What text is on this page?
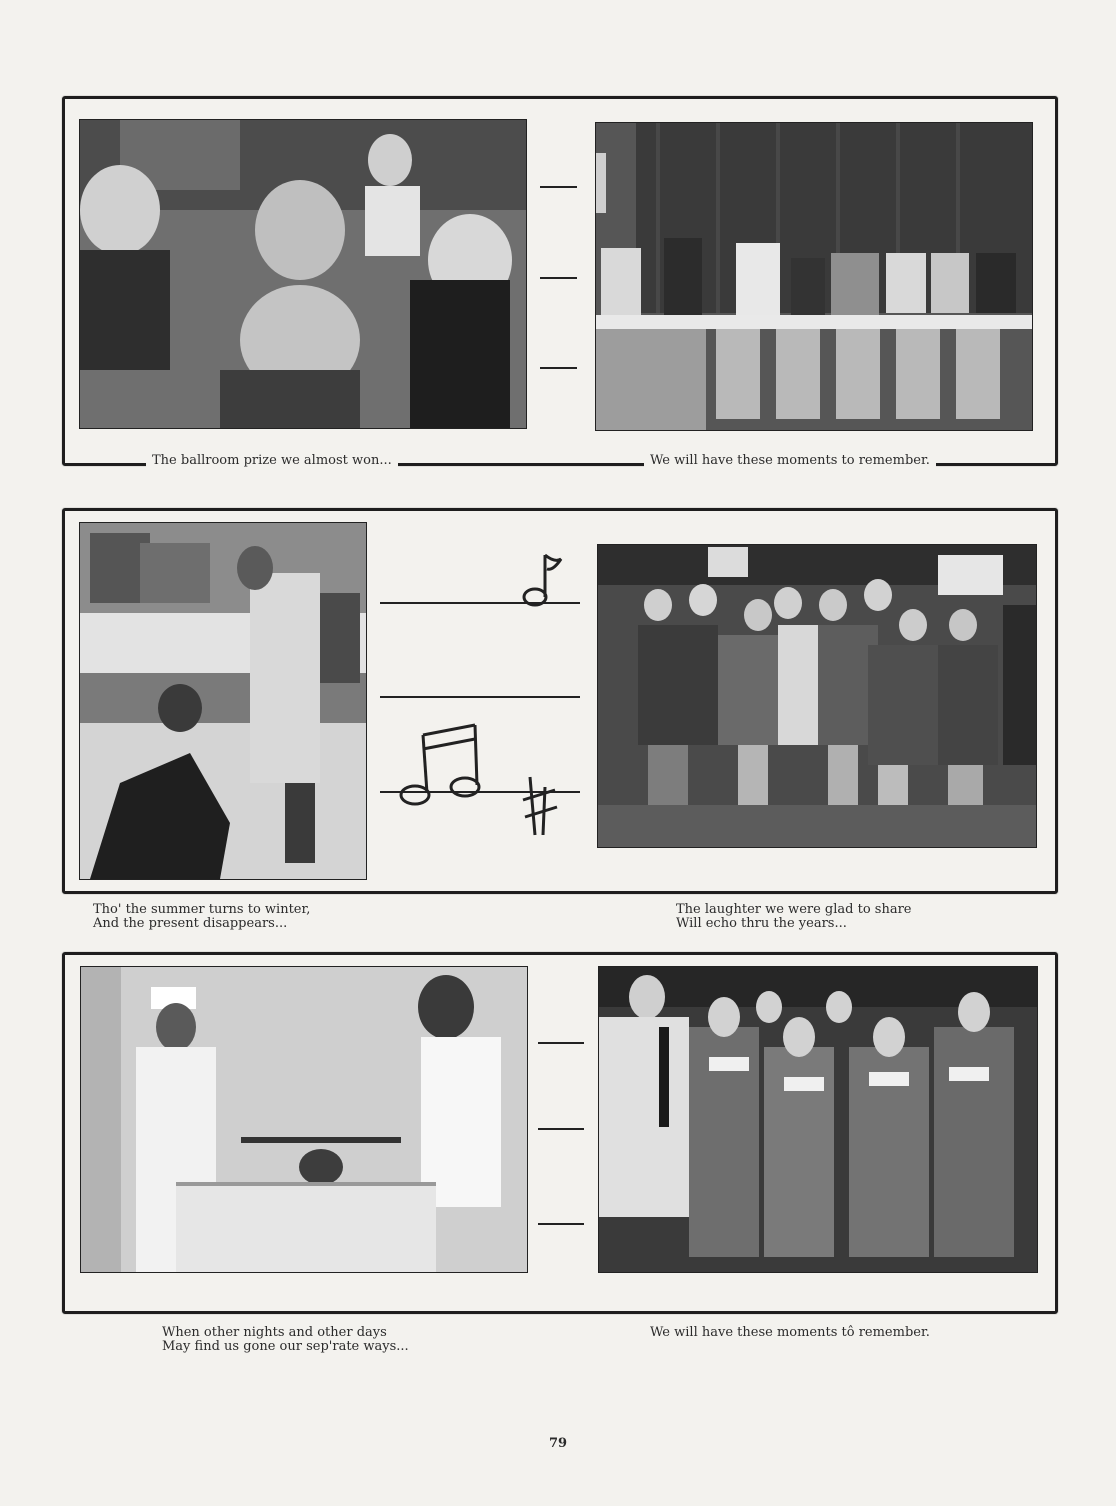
The ballroom prize we almost won...	We will have these moments to remember.
Tho' the summer turns to winter,
And the present disappears...
The laughter we were glad to share
Will echo thru the years...
When other nights and other days
May find us gone our sep'rate ways...
We will have these moments tô remember.
79
